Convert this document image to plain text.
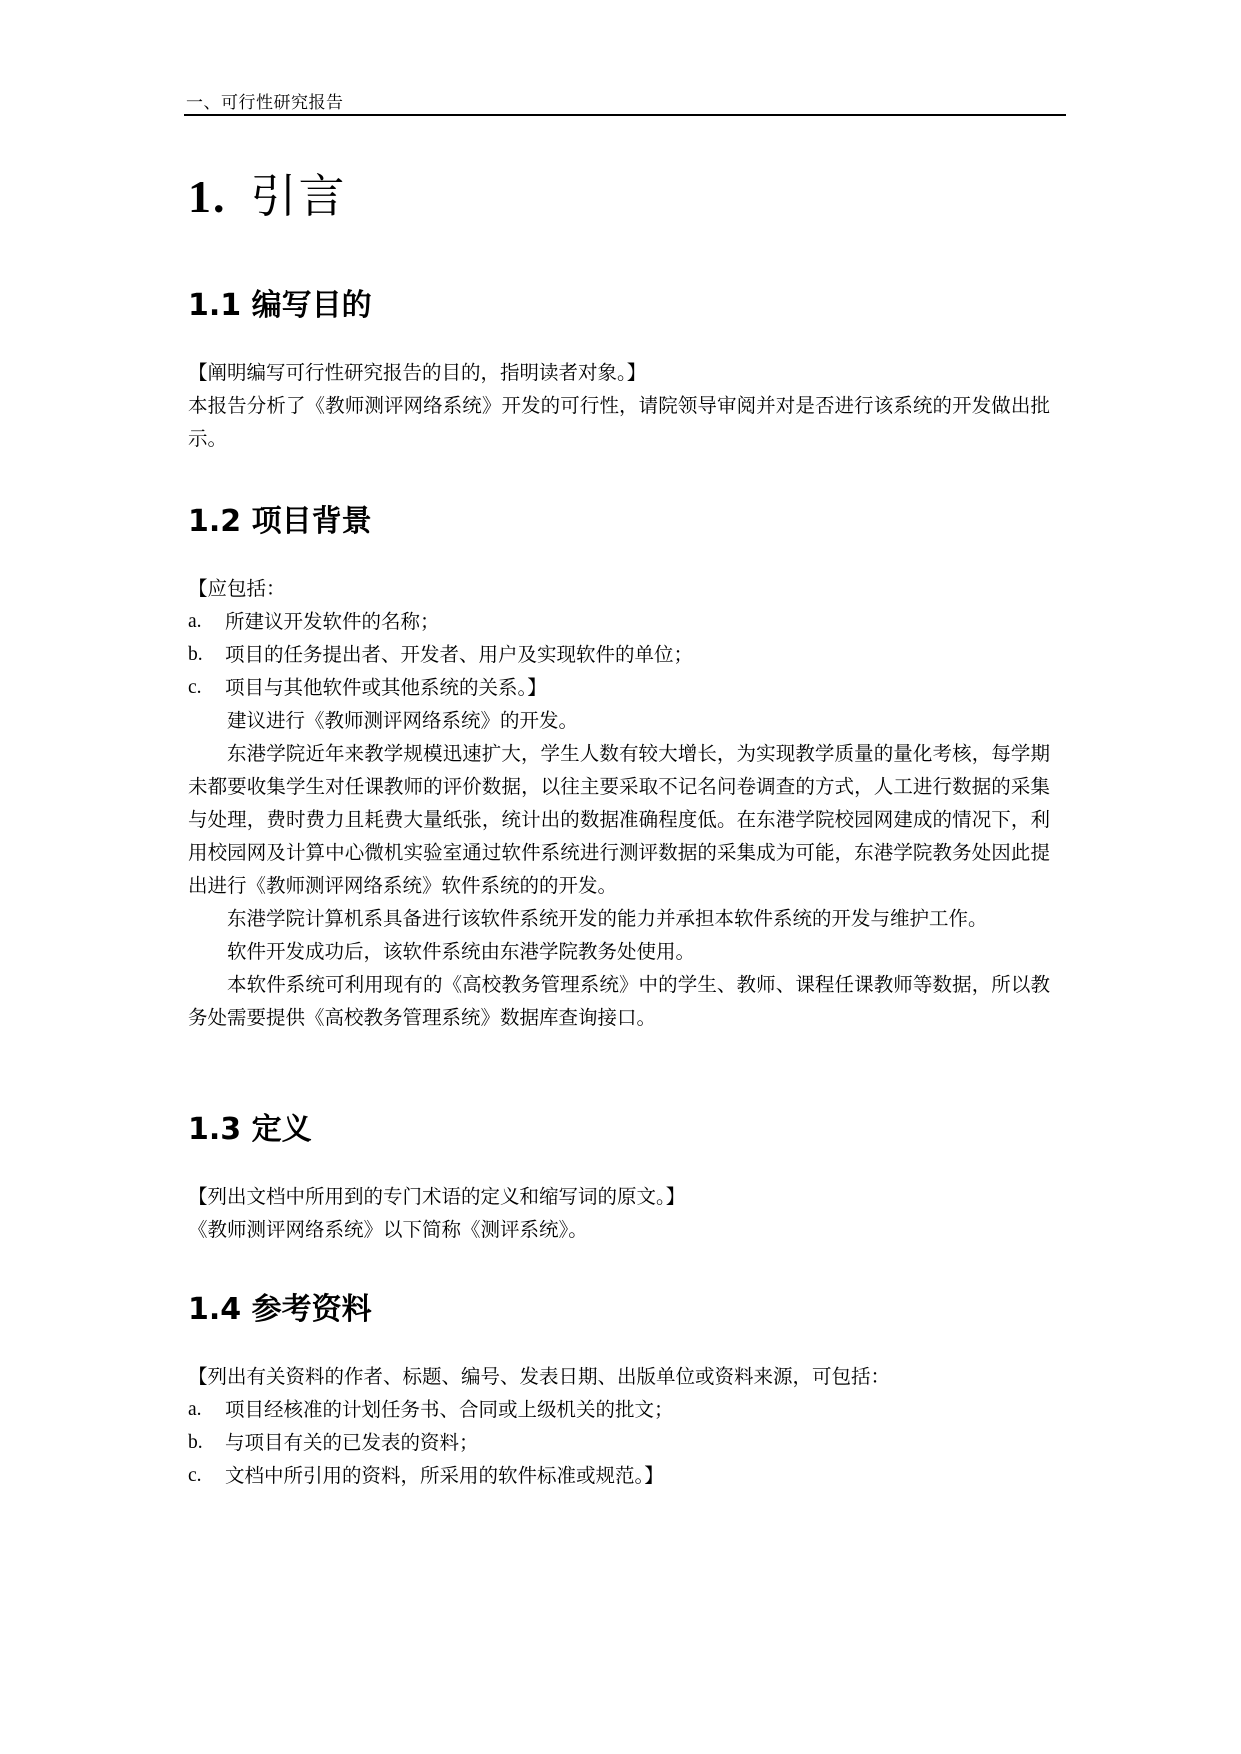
一、可行性研究报告
1. 引言
1.1 编写目的

【阐明编写可行性研究报告的目的，指明读者对象。】

本报告分析了《教师测评网络系统》开发的可行性，请院领导审阅并对是否进行该系统的开发做出批示。

1.2 项目背景

【应包括：

a.	所建议开发软件的名称；
b.	项目的任务提出者、开发者、用户及实现软件的单位；
c.	项目与其他软件或其他系统的关系。】

建议进行《教师测评网络系统》的开发。

东港学院近年来教学规模迅速扩大，学生人数有较大增长，为实现教学质量的量化考核，每学期未都要收集学生对任课教师的评价数据，以往主要采取不记名问卷调查的方式，人工进行数据的采集与处理，费时费力且耗费大量纸张，统计出的数据准确程度低。在东港学院校园网建成的情况下，利用校园网及计算中心微机实验室通过软件系统进行测评数据的采集成为可能，东港学院教务处因此提出进行《教师测评网络系统》软件系统的的开发。

东港学院计算机系具备进行该软件系统开发的能力并承担本软件系统的开发与维护工作。

软件开发成功后，该软件系统由东港学院教务处使用。

本软件系统可利用现有的《高校教务管理系统》中的学生、教师、课程任课教师等数据，所以教务处需要提供《高校教务管理系统》数据库查询接口。

1.3 定义

【列出文档中所用到的专门术语的定义和缩写词的原文。】

《教师测评网络系统》以下简称《测评系统》。

1.4 参考资料

【列出有关资料的作者、标题、编号、发表日期、出版单位或资料来源，可包括：

a.	项目经核准的计划任务书、合同或上级机关的批文；
b.	与项目有关的已发表的资料；
c.	文档中所引用的资料，所采用的软件标准或规范。】
